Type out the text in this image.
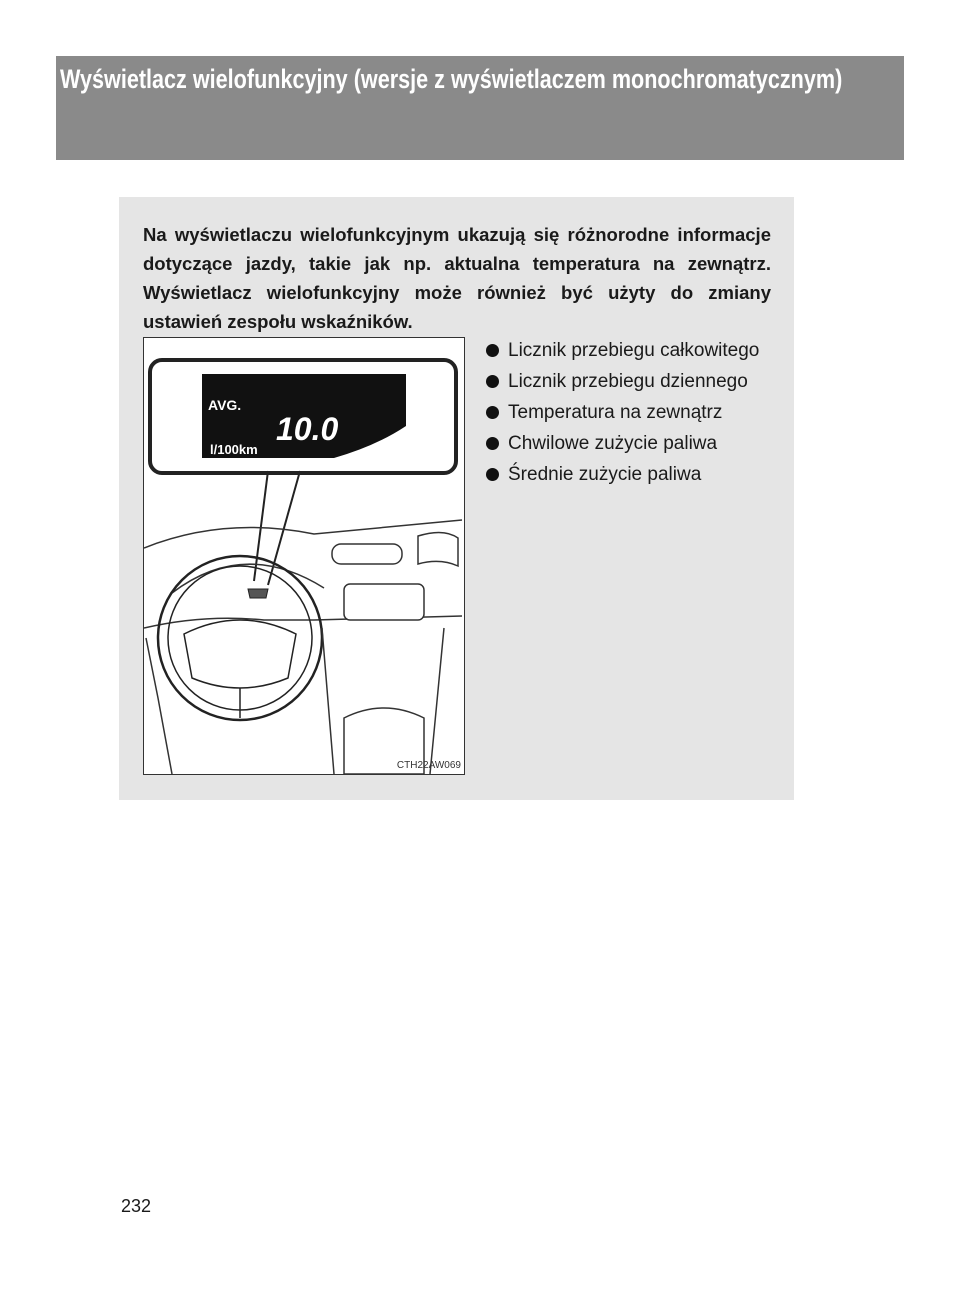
2-2. Zespół wskaźników
Wyświetlacz wielofunkcyjny (wersje z wyświetlaczem monochromatycznym)

Na wyświetlaczu wielofunkcyjnym ukazują się różnorodne informacje dotyczące jazdy, takie jak np. aktualna temperatura na zewnątrz. Wyświetlacz wielofunkcyjny może również być użyty do zmiany ustawień zespołu wskaźników.

AVG.
10.0
l/100km
CTH22AW069
Licznik przebiegu całkowitego
Licznik przebiegu dziennego
Temperatura na zewnątrz
Chwilowe zużycie paliwa
Średnie zużycie paliwa
232
